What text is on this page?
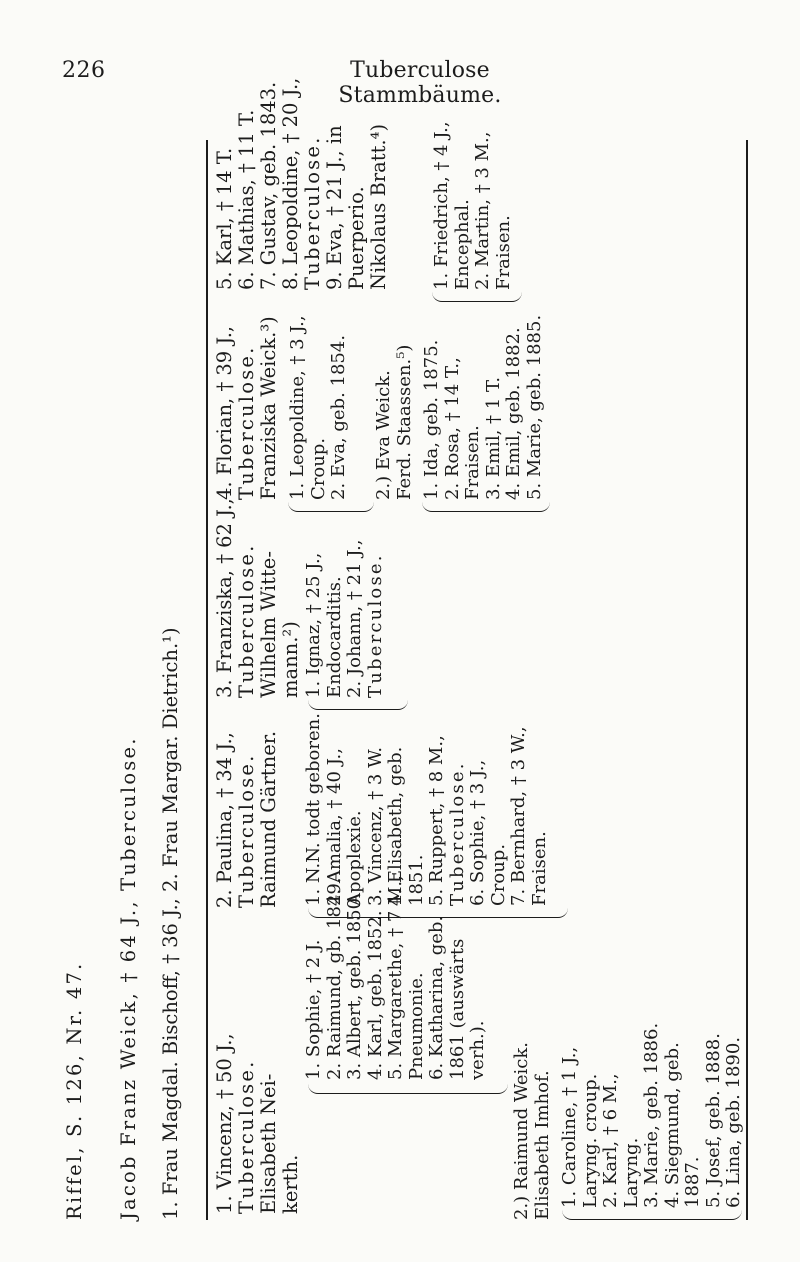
226	Tuberculose Stammbäume.
Riffel, S. 126, Nr. 47. Jacob Franz Weick, † 64 J., Tuberculose. 1. Frau Magdal. Bischoff, † 36 J., 2. Frau Margar. Dietrich.¹) 1. Vincenz, † 50 J., Tuberculose. Elisabeth Nei- kerth.
2. Paulina, † 34 J., Tuberculose. Raimund Gärtner.
3. Franziska, † 62 J., Tuberculose. Wilhelm Witte- mann.²)
4. Florian, † 39 J., Tuberculose. Franziska Weick.³)
5. Karl, † 14 T. 6. Mathias, † 11 T. 7. Gustav, geb. 1843. 8. Leopoldine, † 20 J., Tuberculose. 9. Eva, † 21 J., in Puerperio. Nikolaus Bratt.⁴)
1. Sophie, † 2 J. 2. Raimund, gb. 1849. 3. Albert, geb. 1850. 4. Karl, geb. 1852. 5. Margarethe, † 7 M., Pneumonie. 6. Katharina, geb. 1861 (auswärts verh.).
1. N.N. todt geboren. 2. Amalia, † 40 J., Apoplexie. 3. Vincenz, † 3 W. 4. Elisabeth, geb. 1851. 5. Ruppert, † 8 M., Tuberculose. 6. Sophie, † 3 J., Croup. 7. Bernhard, † 3 W., Fraisen.
1. Ignaz, † 25 J., Endocarditis. 2. Johann, † 21 J., Tuberculose.
1. Leopoldine, † 3 J., Croup. 2. Eva, geb. 1854. 2.) Eva Weick. Ferd. Staassen.⁵) 1. Ida, geb. 1875. 2. Rosa, † 14 T., Fraisen. 3. Emil, † 1 T. 4. Emil, geb. 1882. 5. Marie, geb. 1885.
1. Friedrich, † 4 J., Encephal. 2. Martin, † 3 M., Fraisen.
2.) Raimund Weick. Elisabeth Imhof. 1. Caroline, † 1 J., Laryng. croup. 2. Karl, † 6 M., Laryng. 3. Marie, geb. 1886. 4. Siegmund, geb. 1887. 5. Josef, geb. 1888. 6. Lina, geb. 1890.
